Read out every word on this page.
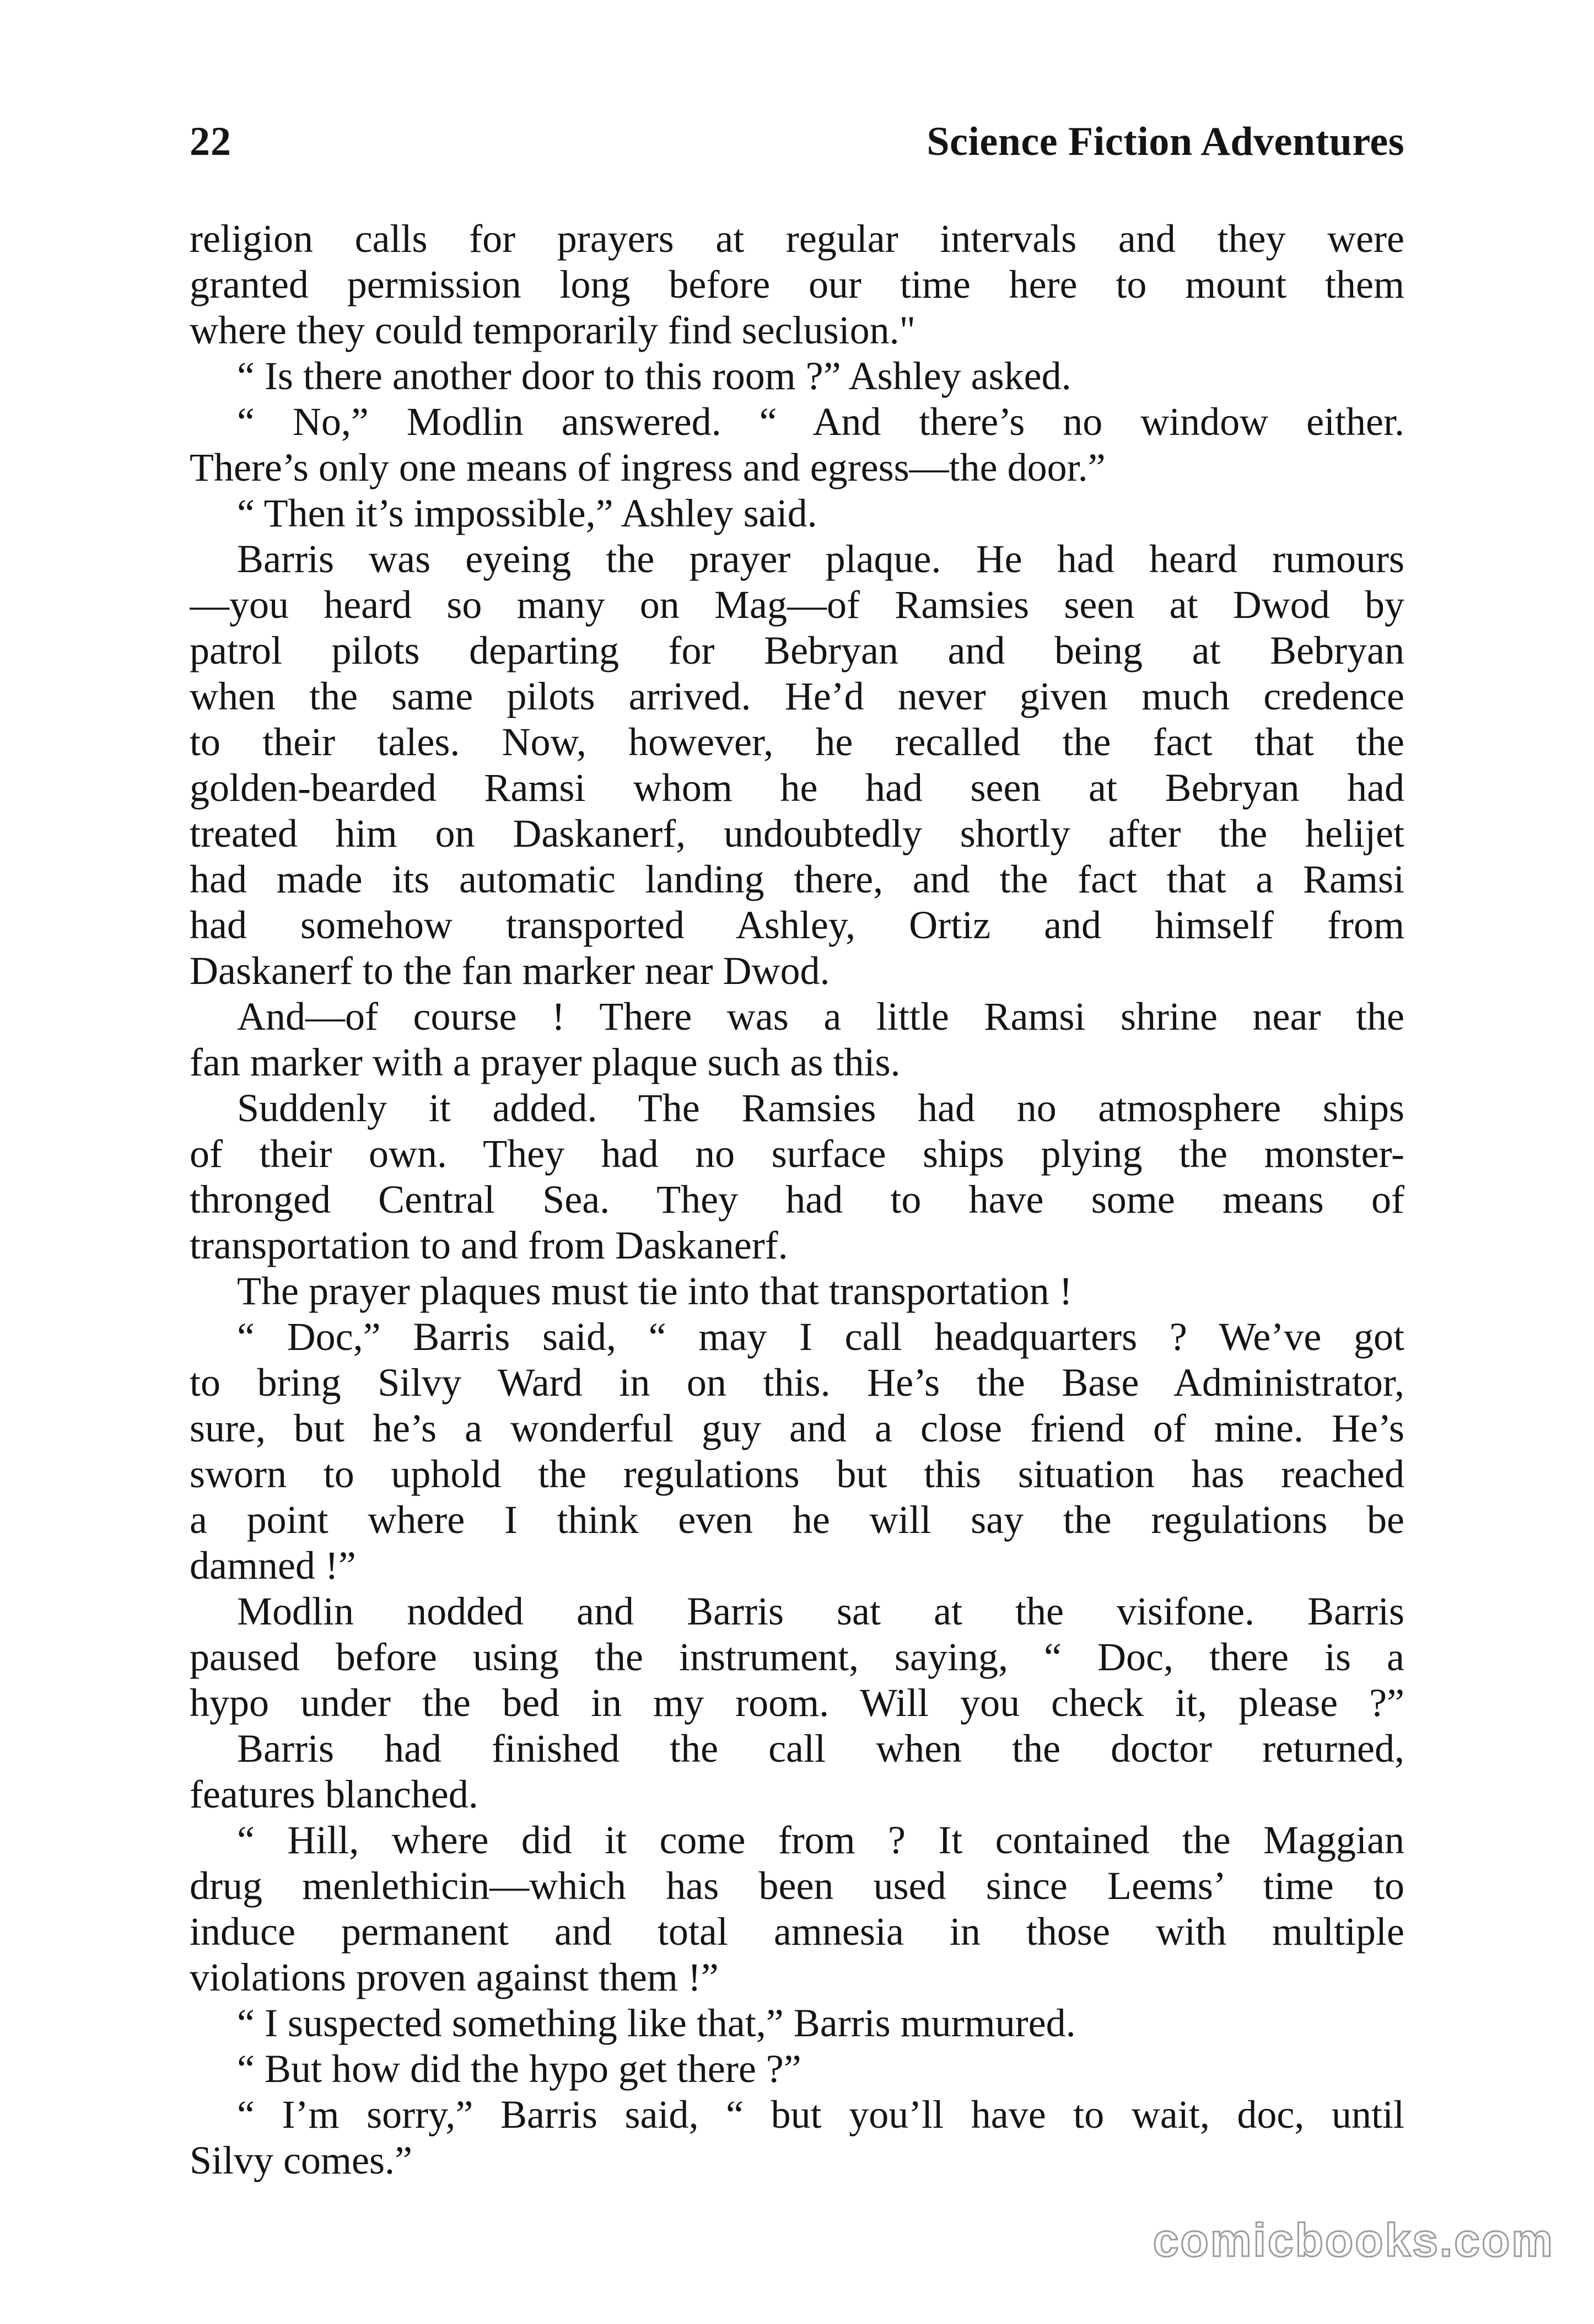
22	Science Fiction Adventures
religion calls for prayers at regular intervals and they were
granted permission long before our time here to mount them
where they could temporarily find seclusion."
“ Is there another door to this room ?” Ashley asked.
“ No,” Modlin answered. “ And there’s no window either.
There’s only one means of ingress and egress—the door.”
“ Then it’s impossible,” Ashley said.
Barris was eyeing the prayer plaque. He had heard rumours
—you heard so many on Mag—of Ramsies seen at Dwod by
patrol pilots departing for Bebryan and being at Bebryan
when the same pilots arrived. He’d never given much credence
to their tales. Now, however, he recalled the fact that the
golden-bearded Ramsi whom he had seen at Bebryan had
treated him on Daskanerf, undoubtedly shortly after the helijet
had made its automatic landing there, and the fact that a Ramsi
had somehow transported Ashley, Ortiz and himself from
Daskanerf to the fan marker near Dwod.
And—of course ! There was a little Ramsi shrine near the
fan marker with a prayer plaque such as this.
Suddenly it added. The Ramsies had no atmosphere ships
of their own. They had no surface ships plying the monster-
thronged Central Sea. They had to have some means of
transportation to and from Daskanerf.
The prayer plaques must tie into that transportation !
“ Doc,” Barris said, “ may I call headquarters ? We’ve got
to bring Silvy Ward in on this. He’s the Base Administrator,
sure, but he’s a wonderful guy and a close friend of mine. He’s
sworn to uphold the regulations but this situation has reached
a point where I think even he will say the regulations be
damned !”
Modlin nodded and Barris sat at the visifone. Barris
paused before using the instrument, saying, “ Doc, there is a
hypo under the bed in my room. Will you check it, please ?”
Barris had finished the call when the doctor returned,
features blanched.
“ Hill, where did it come from ? It contained the Maggian
drug menlethicin—which has been used since Leems’ time to
induce permanent and total amnesia in those with multiple
violations proven against them !”
“ I suspected something like that,” Barris murmured.
“ But how did the hypo get there ?”
“ I’m sorry,” Barris said, “ but you’ll have to wait, doc, until
Silvy comes.”
comicbooks.com
